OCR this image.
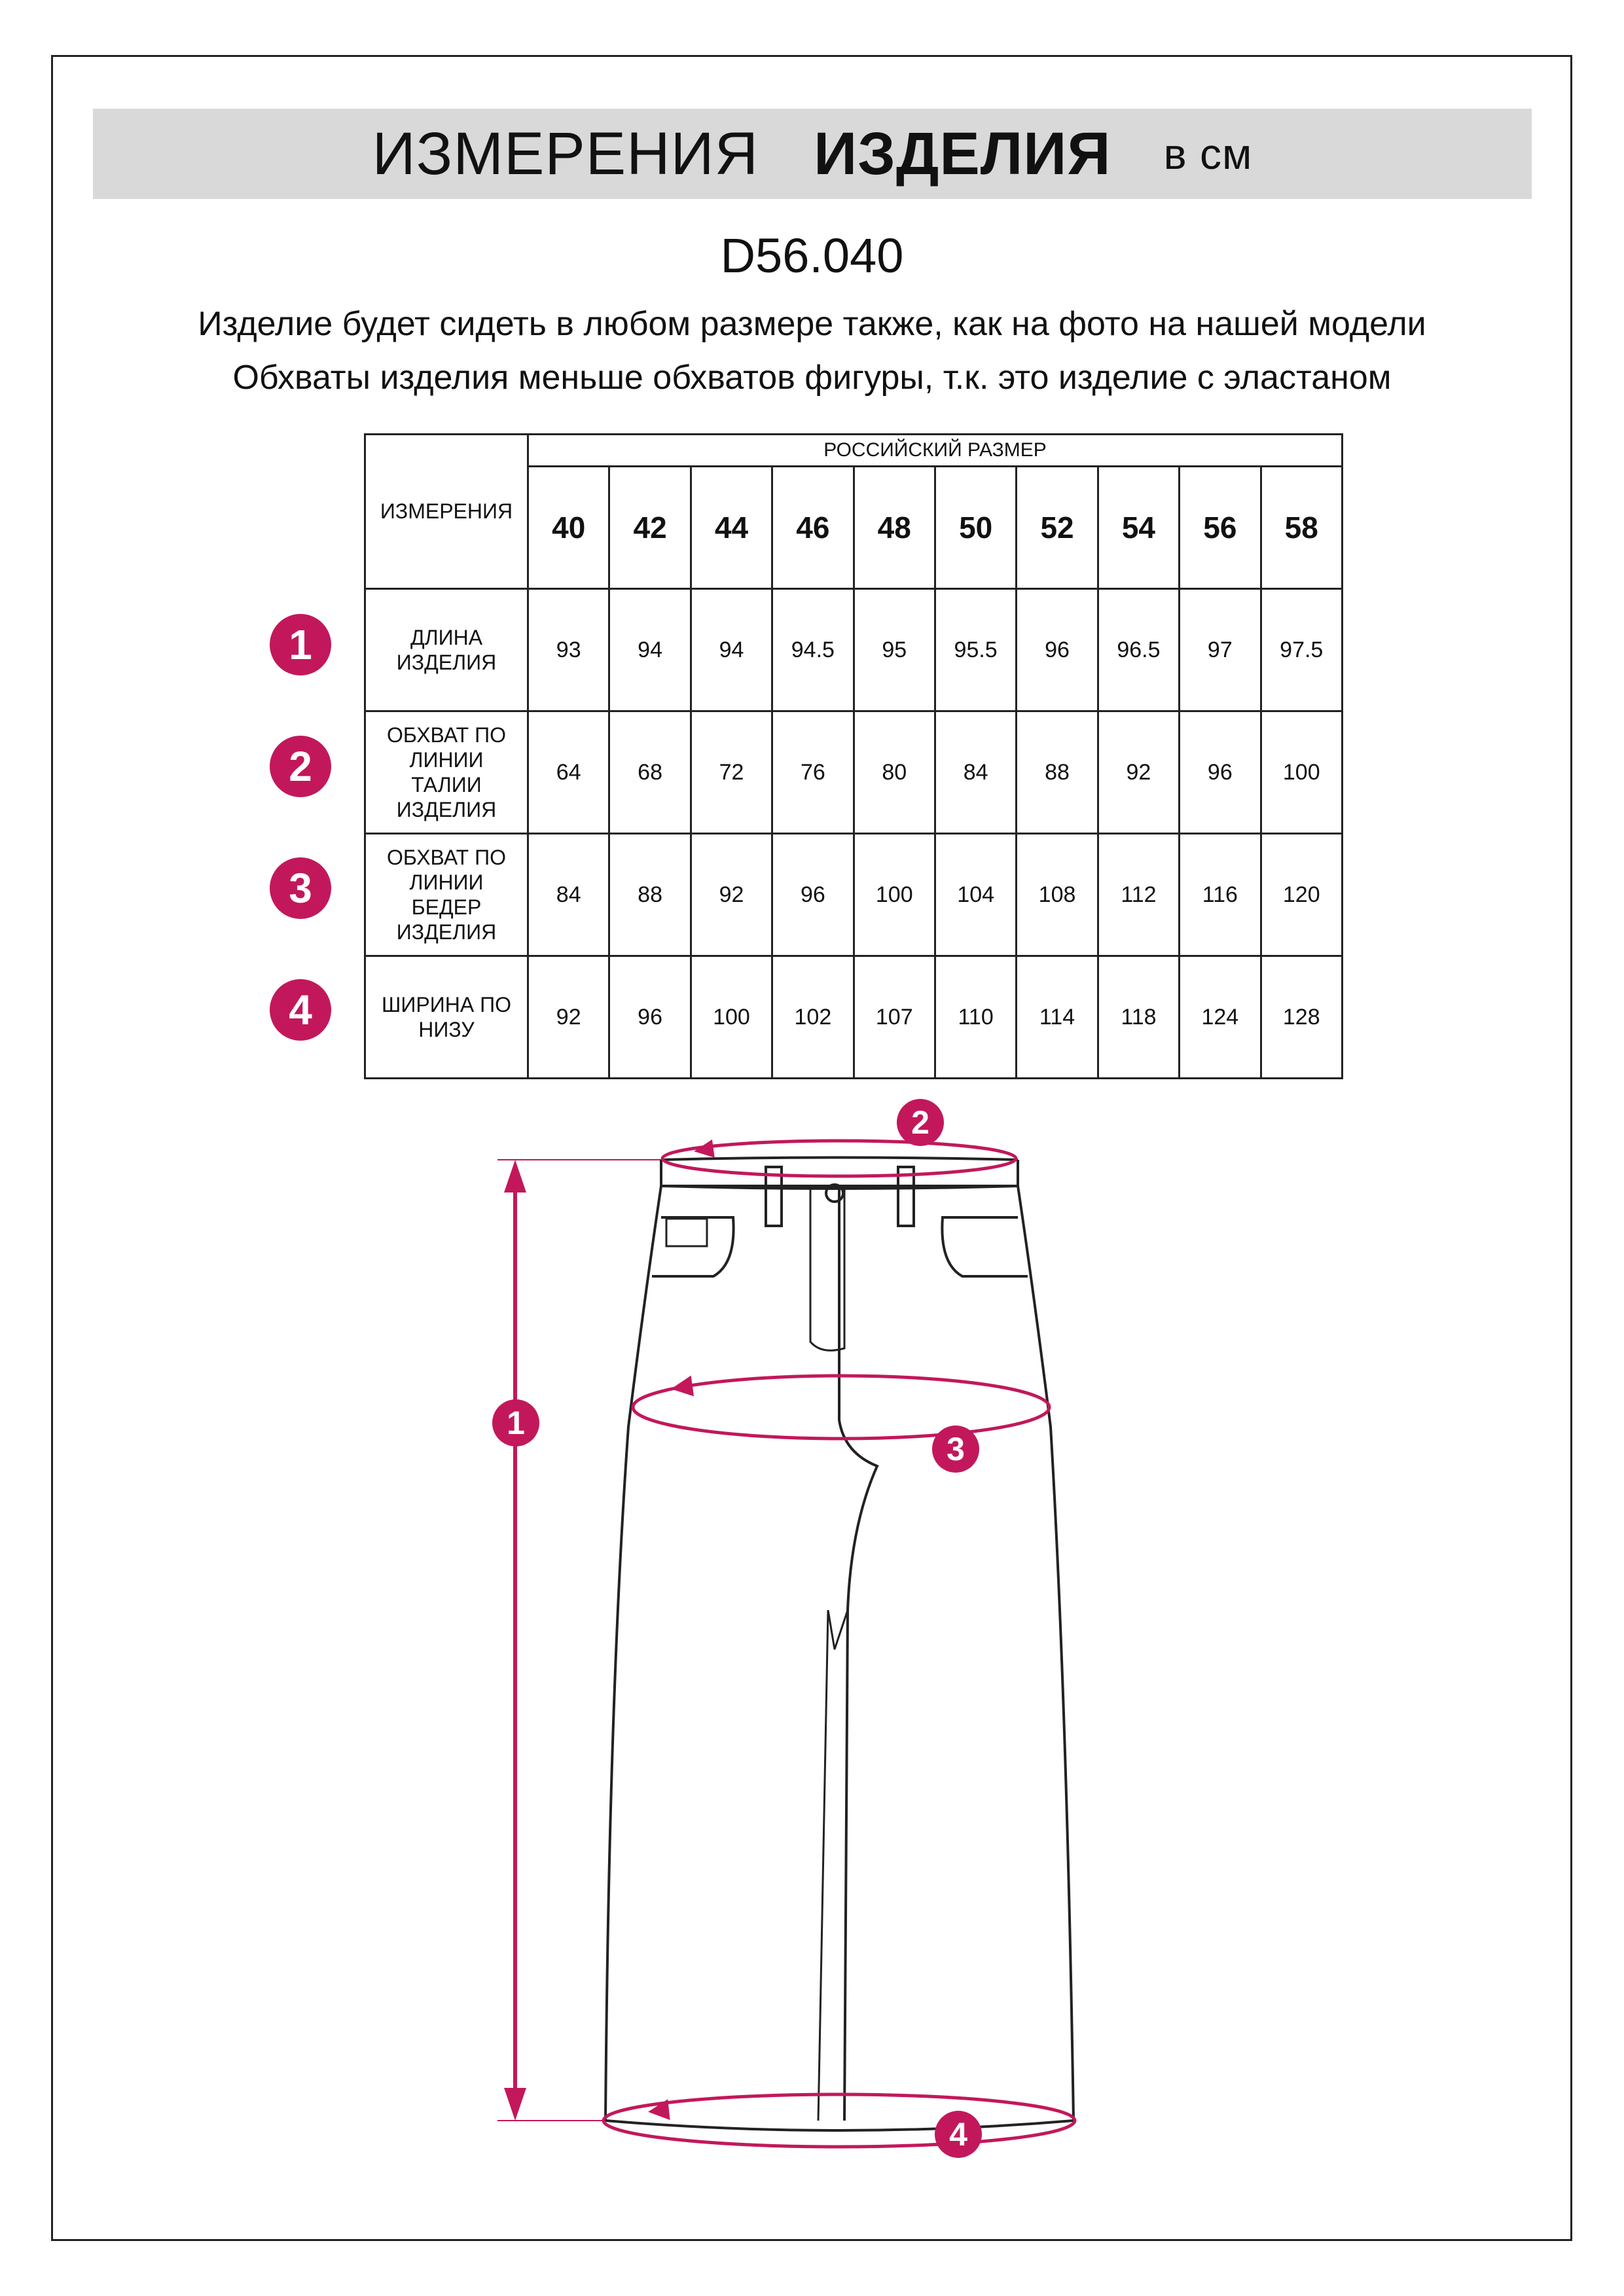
ИЗМЕРЕНИЯ ИЗДЕЛИЯ в см
D56.040
Изделие будет сидеть в любом размере также, как на фото на нашей модели
Обхваты изделия меньше обхватов фигуры, т.к. это изделие с эластаном
ИЗМЕРЕНИЯ	РОССИЙСКИЙ РАЗМЕР									
	40	42	44	46	48	50	52	54	56	58
ДЛИНА
ИЗДЕЛИЯ	93	94	94	94.5	95	95.5	96	96.5	97	97.5
ОБХВАТ ПО
ЛИНИИ
ТАЛИИ
ИЗДЕЛИЯ	64	68	72	76	80	84	88	92	96	100
ОБХВАТ ПО
ЛИНИИ
БЕДЕР
ИЗДЕЛИЯ	84	88	92	96	100	104	108	112	116	120
ШИРИНА ПО
НИЗУ	92	96	100	102	107	110	114	118	124	128
1
2
3
4
1
2
3
4
